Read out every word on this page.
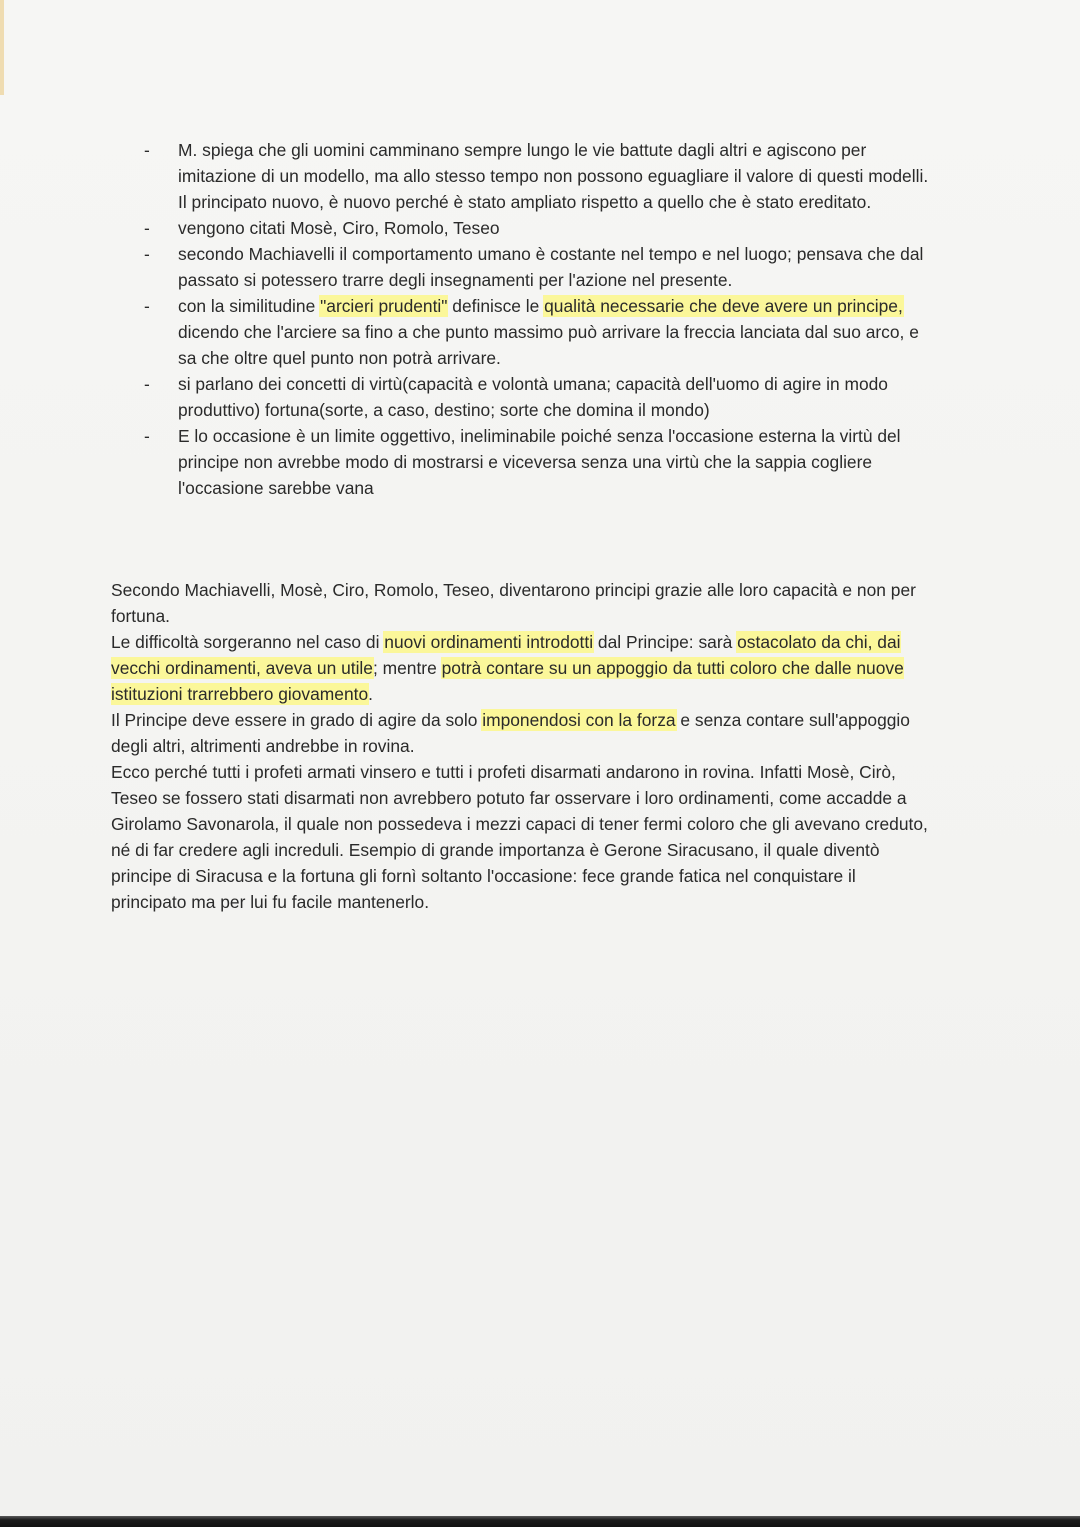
- M. spiega che gli uomini camminano sempre lungo le vie battute dagli altri e agiscono per imitazione di un modello, ma allo stesso tempo non possono eguagliare il valore di questi modelli. Il principato nuovo, è nuovo perché è stato ampliato rispetto a quello che è stato ereditato.
- vengono citati Mosè, Ciro, Romolo, Teseo
- secondo Machiavelli il comportamento umano è costante nel tempo e nel luogo; pensava che dal passato si potessero trarre degli insegnamenti per l'azione nel presente.
- con la similitudine "arcieri prudenti" definisce le qualità necessarie che deve avere un principe, dicendo che l'arciere sa fino a che punto massimo può arrivare la freccia lanciata dal suo arco, e sa che oltre quel punto non potrà arrivare.
- si parlano dei concetti di virtù(capacità e volontà umana; capacità dell'uomo di agire in modo produttivo) fortuna(sorte, a caso, destino; sorte che domina il mondo)
- E lo occasione è un limite oggettivo, ineliminabile poiché senza l'occasione esterna la virtù del principe non avrebbe modo di mostrarsi e viceversa senza una virtù che la sappia cogliere l'occasione sarebbe vana

Secondo Machiavelli, Mosè, Ciro, Romolo, Teseo, diventarono principi grazie alle loro capacità e non per fortuna.

Le difficoltà sorgeranno nel caso di nuovi ordinamenti introdotti dal Principe: sarà ostacolato da chi, dai vecchi ordinamenti, aveva un utile; mentre potrà contare su un appoggio da tutti coloro che dalle nuove istituzioni trarrebbero giovamento.

Il Principe deve essere in grado di agire da solo imponendosi con la forza e senza contare sull'appoggio degli altri, altrimenti andrebbe in rovina.

Ecco perché tutti i profeti armati vinsero e tutti i profeti disarmati andarono in rovina. Infatti Mosè, Cirò, Teseo se fossero stati disarmati non avrebbero potuto far osservare i loro ordinamenti, come accadde a Girolamo Savonarola, il quale non possedeva i mezzi capaci di tener fermi coloro che gli avevano creduto, né di far credere agli increduli. Esempio di grande importanza è Gerone Siracusano, il quale diventò principe di Siracusa e la fortuna gli fornì soltanto l'occasione: fece grande fatica nel conquistare il principato ma per lui fu facile mantenerlo.
